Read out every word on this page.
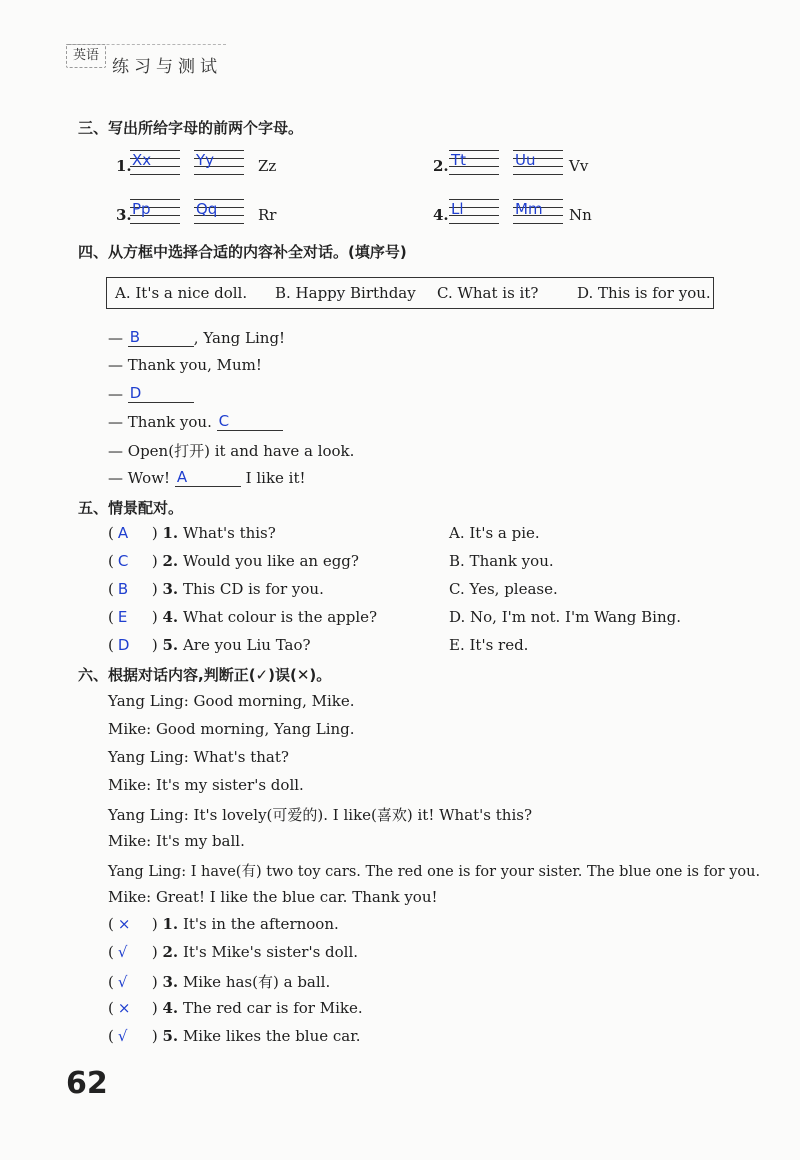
英语
练习与测试
三、写出所给字母的前两个字母。
1. Xx	Yy	Zz	2. Tt	Uu Vv
3. Pp	Qq	Rr	4. Ll	Mm Nn
四、从方框中选择合适的内容补全对话。(填序号)
A. It's a nice doll. B. Happy Birthday C. What is it?	D. This is for you.
— B	, Yang Ling!
— Thank you, Mum!
— D
— Thank you. C
— Open(打开) it and have a look.
— Wow! A	I like it!
五、情景配对。
( A ) 1. What's this?
( C ) 2. Would you like an egg?
( B ) 3. This CD is for you.
( E ) 4. What colour is the apple?
( D ) 5. Are you Liu Tao?
A. It's a pie.
B. Thank you.
C. Yes, please.
D. No, I'm not. I'm Wang Bing.
E. It's red.
六、根据对话内容,判断正(✓)误(✕)。
Yang Ling: Good morning, Mike.
Mike: Good morning, Yang Ling.
Yang Ling: What's that?
Mike: It's my sister's doll.
Yang Ling: It's lovely(可爱的). I like(喜欢) it! What's this?
Mike: It's my ball.
Yang Ling: I have(有) two toy cars. The red one is for your sister. The blue one is for you.
Mike: Great! I like the blue car. Thank you!
( × ) 1. It's in the afternoon.
( √ ) 2. It's Mike's sister's doll.
( √ ) 3. Mike has(有) a ball.
( × ) 4. The red car is for Mike.
( √ ) 5. Mike likes the blue car.
62
